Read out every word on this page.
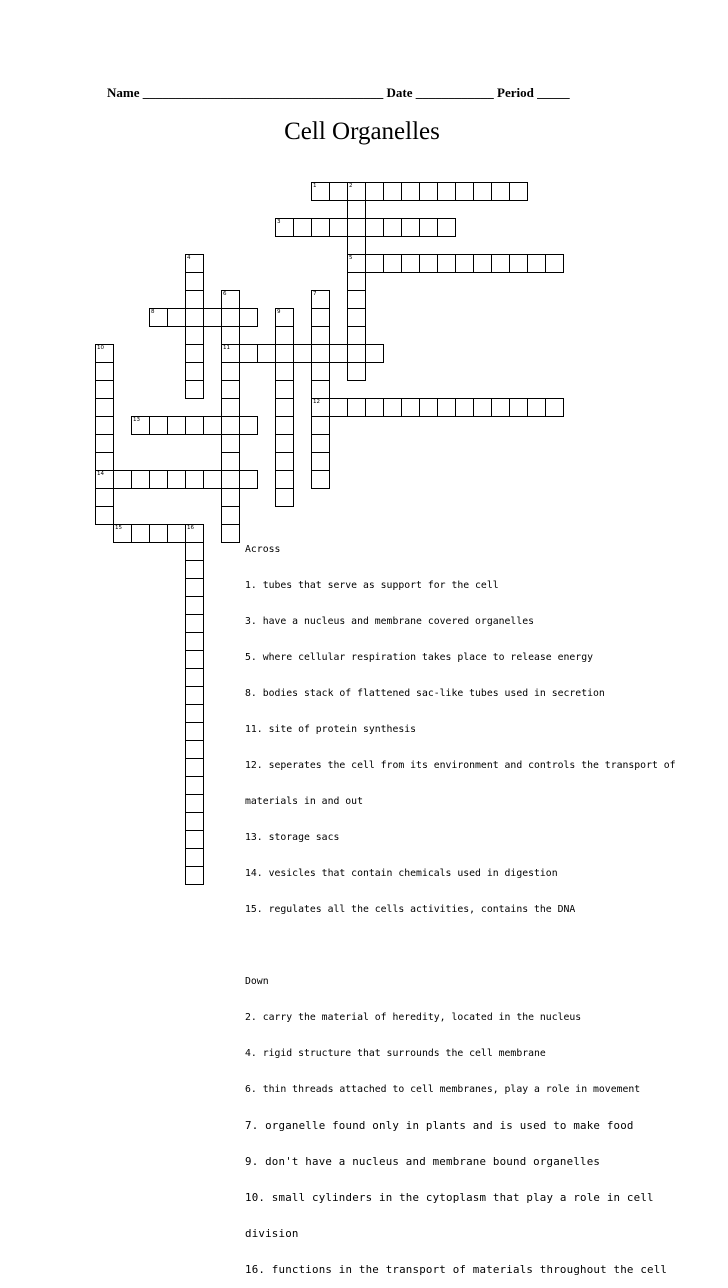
Name _____________________________________ Date ____________ Period _____
Cell Organelles
1	2
5
3
4
6
11
7
12
8	9
10
14
13
15	16

Across

1. tubes that serve as support for the cell

3. have a nucleus and membrane covered organelles

5. where cellular respiration takes place to release energy

8. bodies stack of flattened sac-like tubes used in secretion

11. site of protein synthesis

12. seperates the cell from its environment and controls the transport of

materials in and out

13. storage sacs

14. vesicles that contain chemicals used in digestion

15. regulates all the cells activities, contains the DNA

Down

2. carry the material of heredity, located in the nucleus

4. rigid structure that surrounds the cell membrane

6. thin threads attached to cell membranes, play a role in movement

7. organelle found only in plants and is used to make food

9. don't have a nucleus and membrane bound organelles

10. small cylinders in the cytoplasm that play a role in cell

division

16. functions in the transport of materials throughout the cell
